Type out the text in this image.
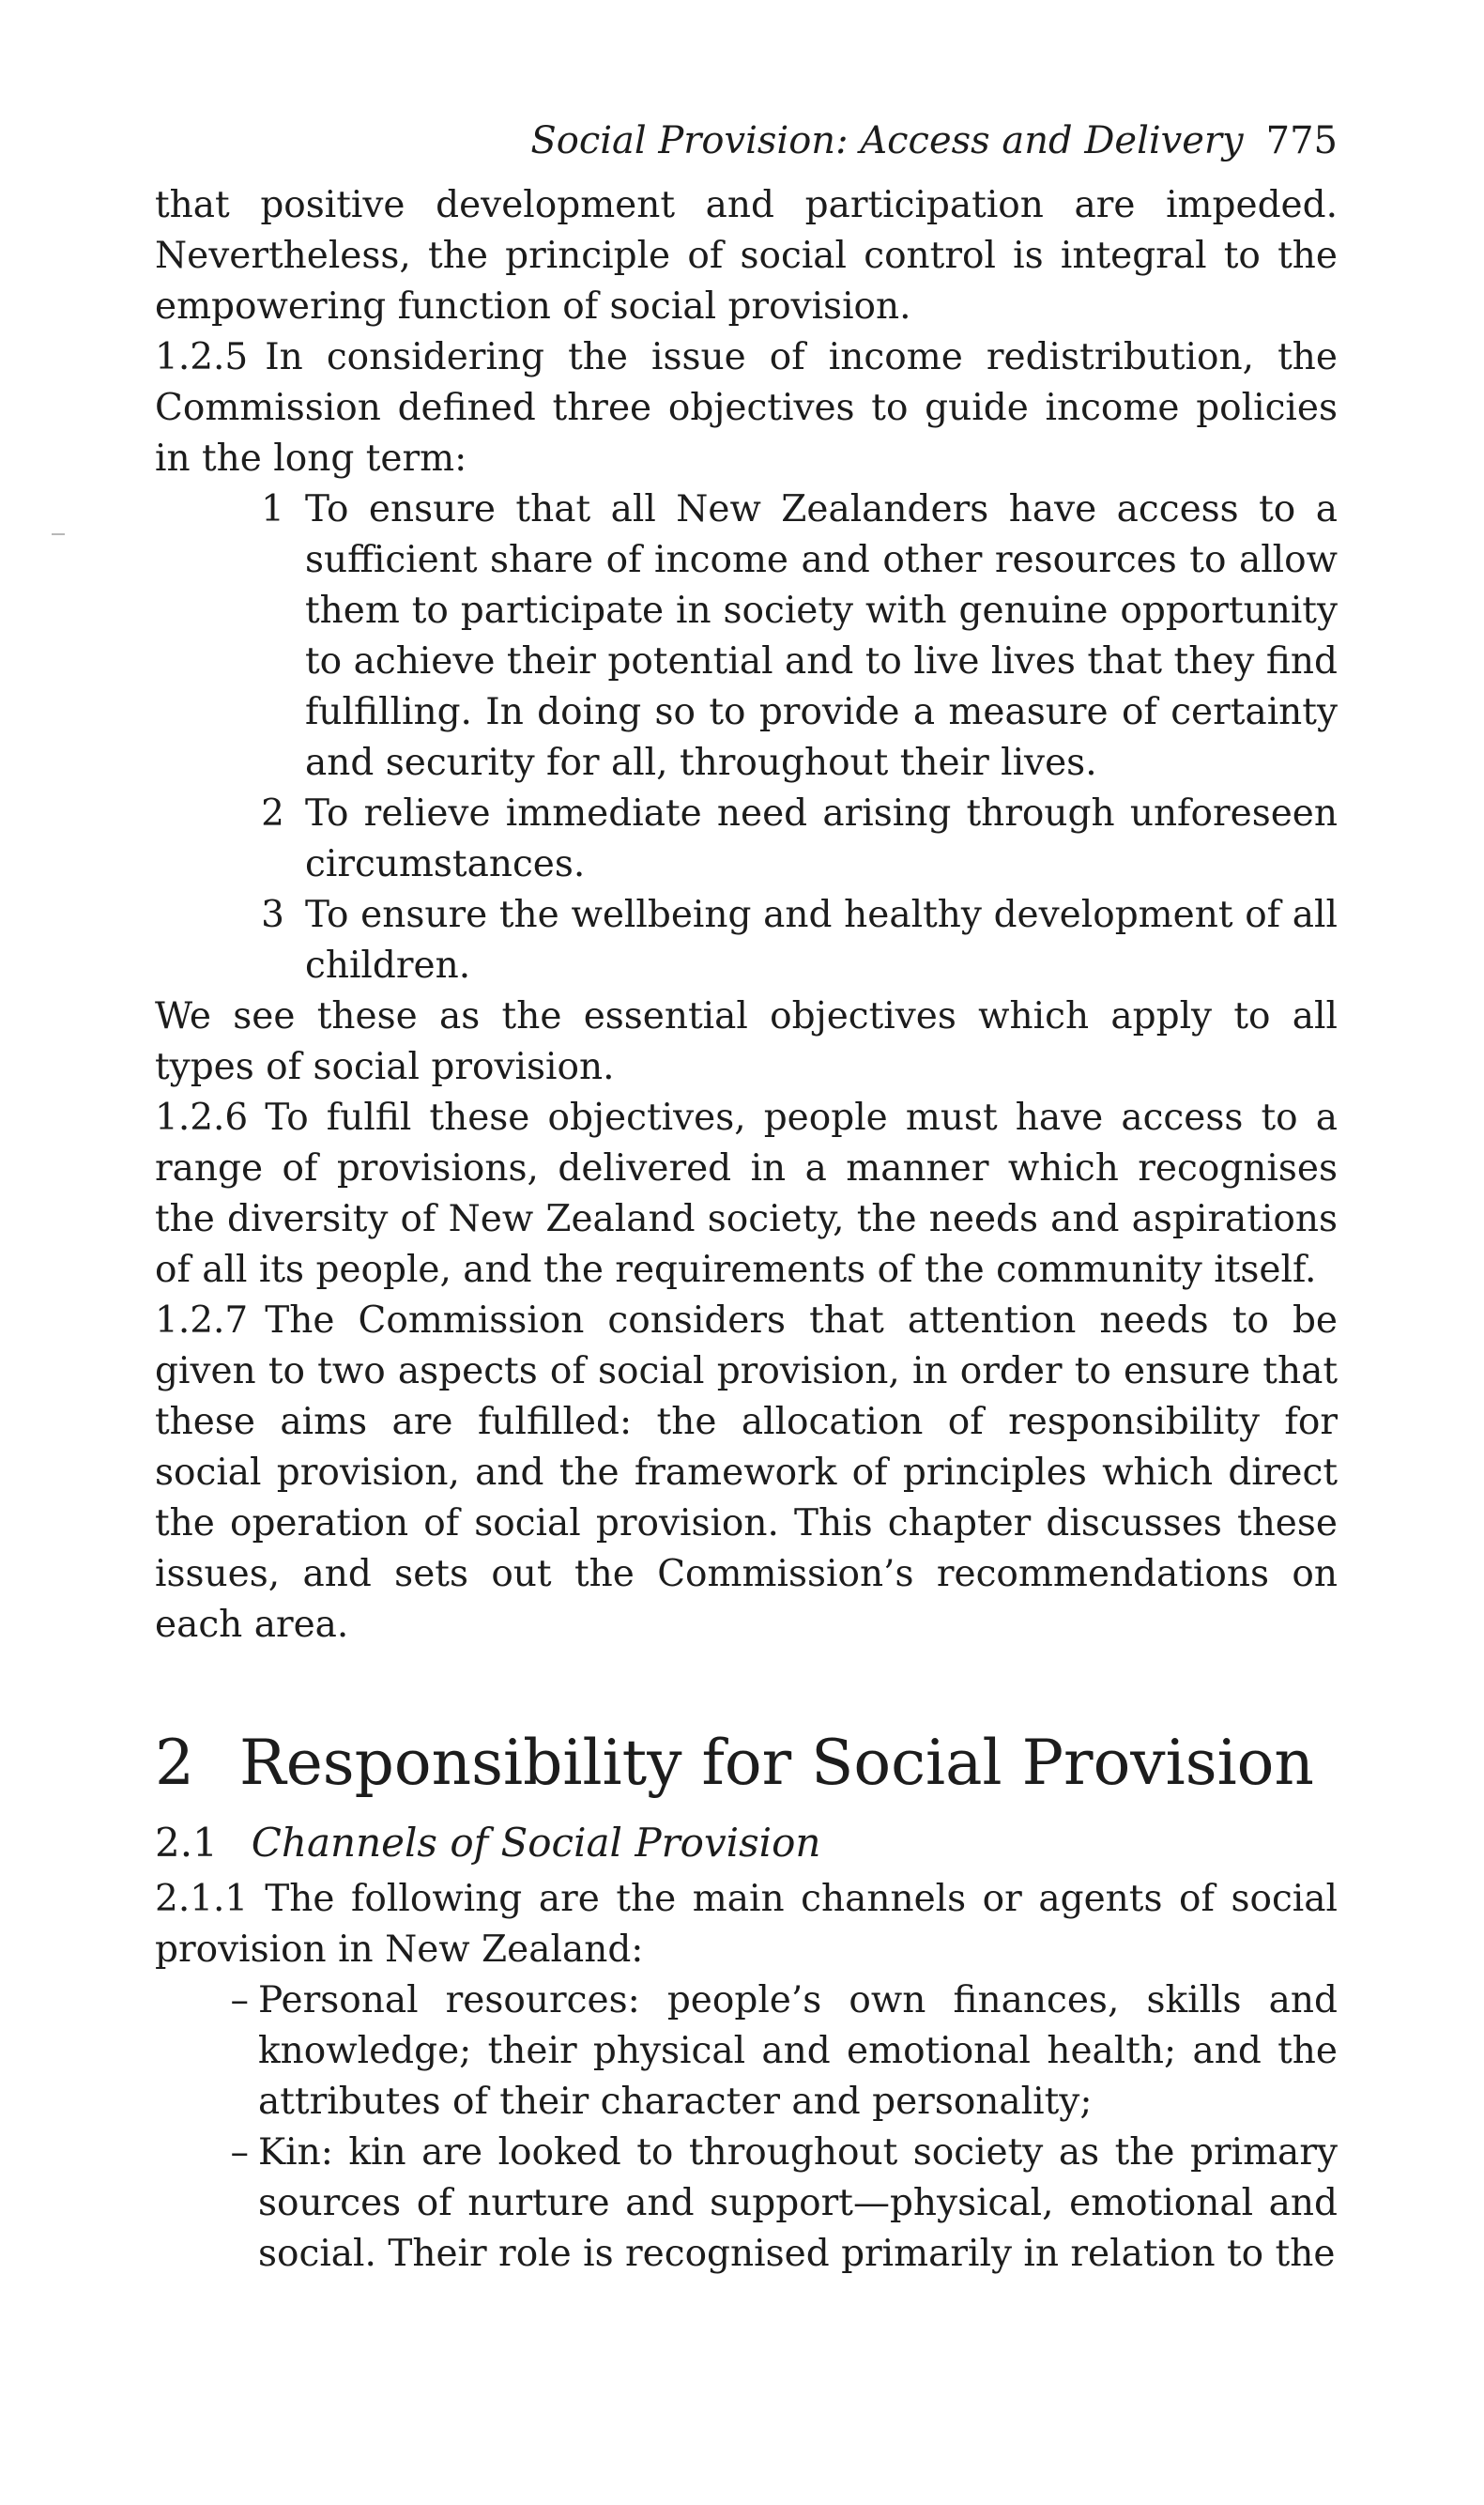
Social Provision: Access and Delivery 775

that positive development and participation are impeded. Nevertheless, the principle of social control is integral to the empowering function of social provision.

1.2.5 In considering the issue of income redistribution, the Commission defined three objectives to guide income policies in the long term:

1 To ensure that all New Zealanders have access to a sufficient share of income and other resources to allow them to participate in society with genuine opportunity to achieve their potential and to live lives that they find fulfilling. In doing so to provide a measure of certainty and security for all, throughout their lives.
2 To relieve immediate need arising through unforeseen circumstances.
3 To ensure the wellbeing and healthy development of all children.

We see these as the essential objectives which apply to all types of social provision.

1.2.6 To fulfil these objectives, people must have access to a range of provisions, delivered in a manner which recognises the diversity of New Zealand society, the needs and aspirations of all its people, and the requirements of the community itself.

1.2.7 The Commission considers that attention needs to be given to two aspects of social provision, in order to ensure that these aims are fulfilled: the allocation of responsibility for social provision, and the framework of principles which direct the operation of social provision. This chapter discusses these issues, and sets out the Commission’s recommendations on each area.

2 Responsibility for Social Provision
2.1 Channels of Social Provision

2.1.1 The following are the main channels or agents of social provision in New Zealand:

– Personal resources: people’s own finances, skills and knowledge; their physical and emotional health; and the attributes of their character and personality;
– Kin: kin are looked to throughout society as the primary sources of nurture and support—physical, emotional and social. Their role is recognised primarily in relation to the
